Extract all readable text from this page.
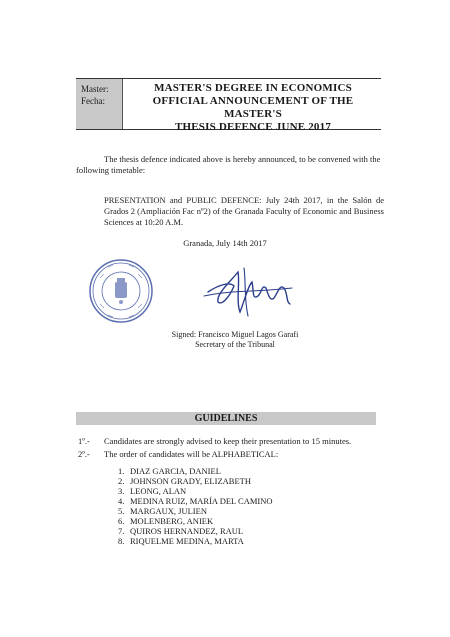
Master:
Fecha:
MASTER'S DEGREE IN ECONOMICS
OFFICIAL ANNOUNCEMENT OF THE MASTER'S
THESIS DEFENCE JUNE 2017
The thesis defence indicated above is hereby announced, to be convened with the following timetable:
PRESENTATION and PUBLIC DEFENCE: July 24th 2017, in the Salón de Grados 2 (Ampliación Fac nº2) of the Granada Faculty of Economic and Business Sciences at 10:20 A.M.
Granada, July 14th 2017
Signed: Francisco Miguel Lagos Garafi
Secretary of the Tribunal
GUIDELINES
1º.-	Candidates are strongly advised to keep their presentation to 15 minutes.
2º.-	The order of candidates will be ALPHABETICAL:
1. DIAZ GARCIA, DANIEL
2. JOHNSON GRADY, ELIZABETH
3. LEONG, ALAN
4. MEDINA RUIZ, MARÍA DEL CAMINO
5. MARGAUX, JULIEN
6. MOLENBERG, ANIEK
7. QUIROS HERNANDEZ, RAUL
8. RIQUELME MEDINA, MARTA
